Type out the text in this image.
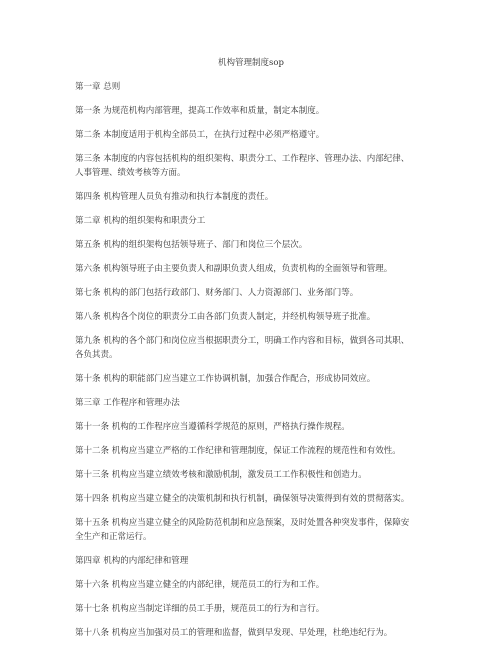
机构管理制度sop

第一章 总则

第一条 为规范机构内部管理，提高工作效率和质量，制定本制度。

第二条 本制度适用于机构全部员工，在执行过程中必须严格遵守。

第三条 本制度的内容包括机构的组织架构、职责分工、工作程序、管理办法、内部纪律、

人事管理、绩效考核等方面。

第四条 机构管理人员负有推动和执行本制度的责任。

第二章 机构的组织架构和职责分工

第五条 机构的组织架构包括领导班子、部门和岗位三个层次。

第六条 机构领导班子由主要负责人和副职负责人组成，负责机构的全面领导和管理。

第七条 机构的部门包括行政部门、财务部门、人力资源部门、业务部门等。

第八条 机构各个岗位的职责分工由各部门负责人制定，并经机构领导班子批准。

第九条 机构的各个部门和岗位应当根据职责分工，明确工作内容和目标，做到各司其职、

各负其责。

第十条 机构的职能部门应当建立工作协调机制，加强合作配合，形成协同效应。

第三章 工作程序和管理办法

第十一条 机构的工作程序应当遵循科学规范的原则，严格执行操作规程。

第十二条 机构应当建立严格的工作纪律和管理制度，保证工作流程的规范性和有效性。

第十三条 机构应当建立绩效考核和激励机制，激发员工工作积极性和创造力。

第十四条 机构应当建立健全的决策机制和执行机制，确保领导决策得到有效的贯彻落实。

第十五条 机构应当建立健全的风险防范机制和应急预案，及时处置各种突发事件，保障安

全生产和正常运行。

第四章 机构的内部纪律和管理

第十六条 机构应当建立健全的内部纪律，规范员工的行为和工作。

第十七条 机构应当制定详细的员工手册，规范员工的行为和言行。

第十八条 机构应当加强对员工的管理和监督，做到早发现、早处理，杜绝违纪行为。
